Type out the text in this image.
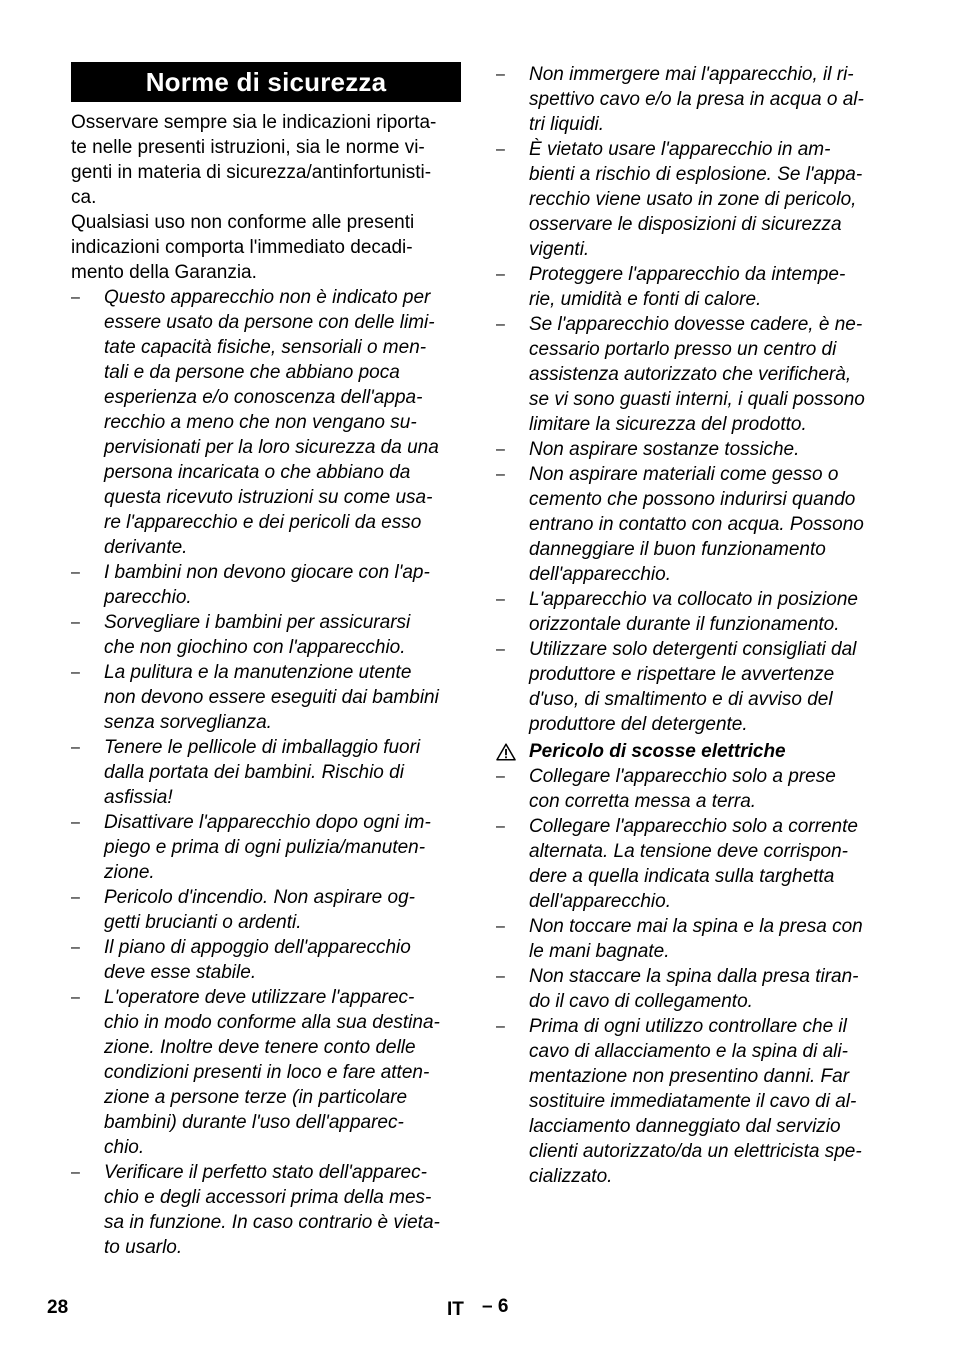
Norme di sicurezza

Osservare sempre sia le indicazioni riporta-
te nelle presenti istruzioni, sia le norme vi-
genti in materia di sicurezza/antinfortunisti-
ca.

Qualsiasi uso non conforme alle presenti
indicazioni comporta l'immediato decadi-
mento della Garanzia.

–	Questo apparecchio non è indicato per
essere usato da persone con delle limi-
tate capacità fisiche, sensoriali o men-
tali e da persone che abbiano poca
esperienza e/o conoscenza dell'appa-
recchio a meno che non vengano su-
pervisionati per la loro sicurezza da una
persona incaricata o che abbiano da
questa ricevuto istruzioni su come usa-
re l'apparecchio e dei pericoli da esso
derivante.
–	I bambini non devono giocare con l'ap-
parecchio.
–	Sorvegliare i bambini per assicurarsi
che non giochino con l'apparecchio.
–	La pulitura e la manutenzione utente
non devono essere eseguiti dai bambini
senza sorveglianza.
–	Tenere le pellicole di imballaggio fuori
dalla portata dei bambini. Rischio di
asfissia!
–	Disattivare l'apparecchio dopo ogni im-
piego e prima di ogni pulizia/manuten-
zione.
–	Pericolo d'incendio. Non aspirare og-
getti brucianti o ardenti.
–	Il piano di appoggio dell'apparecchio
deve esse stabile.
–	L'operatore deve utilizzare l'apparec-
chio in modo conforme alla sua destina-
zione. Inoltre deve tenere conto delle
condizioni presenti in loco e fare atten-
zione a persone terze (in particolare
bambini) durante l'uso dell'apparec-
chio.
–	Verificare il perfetto stato dell'apparec-
chio e degli accessori prima della mes-
sa in funzione. In caso contrario è vieta-
to usarlo.
–	Non immergere mai l'apparecchio, il ri-
spettivo cavo e/o la presa in acqua o al-
tri liquidi.
–	È vietato usare l'apparecchio in am-
bienti a rischio di esplosione. Se l'appa-
recchio viene usato in zone di pericolo,
osservare le disposizioni di sicurezza
vigenti.
–	Proteggere l'apparecchio da intempe-
rie, umidità e fonti di calore.
–	Se l'apparecchio dovesse cadere, è ne-
cessario portarlo presso un centro di
assistenza autorizzato che verificherà,
se vi sono guasti interni, i quali possono
limitare la sicurezza del prodotto.
–	Non aspirare sostanze tossiche.
–	Non aspirare materiali come gesso o
cemento che possono indurirsi quando
entrano in contatto con acqua. Possono
danneggiare il buon funzionamento
dell'apparecchio.
–	L'apparecchio va collocato in posizione
orizzontale durante il funzionamento.
–	Utilizzare solo detergenti consigliati dal
produttore e rispettare le avvertenze
d'uso, di smaltimento e di avviso del
produttore del detergente.
Pericolo di scosse elettriche
–	Collegare l'apparecchio solo a prese
con corretta messa a terra.
–	Collegare l'apparecchio solo a corrente
alternata. La tensione deve corrispon-
dere a quella indicata sulla targhetta
dell'apparecchio.
–	Non toccare mai la spina e la presa con
le mani bagnate.
–	Non staccare la spina dalla presa tiran-
do il cavo di collegamento.
–	Prima di ogni utilizzo controllare che il
cavo di allacciamento e la spina di ali-
mentazione non presentino danni. Far
sostituire immediatamente il cavo di al-
lacciamento danneggiato dal servizio
clienti autorizzato/da un elettricista spe-
cializzato.
28	IT – 6
